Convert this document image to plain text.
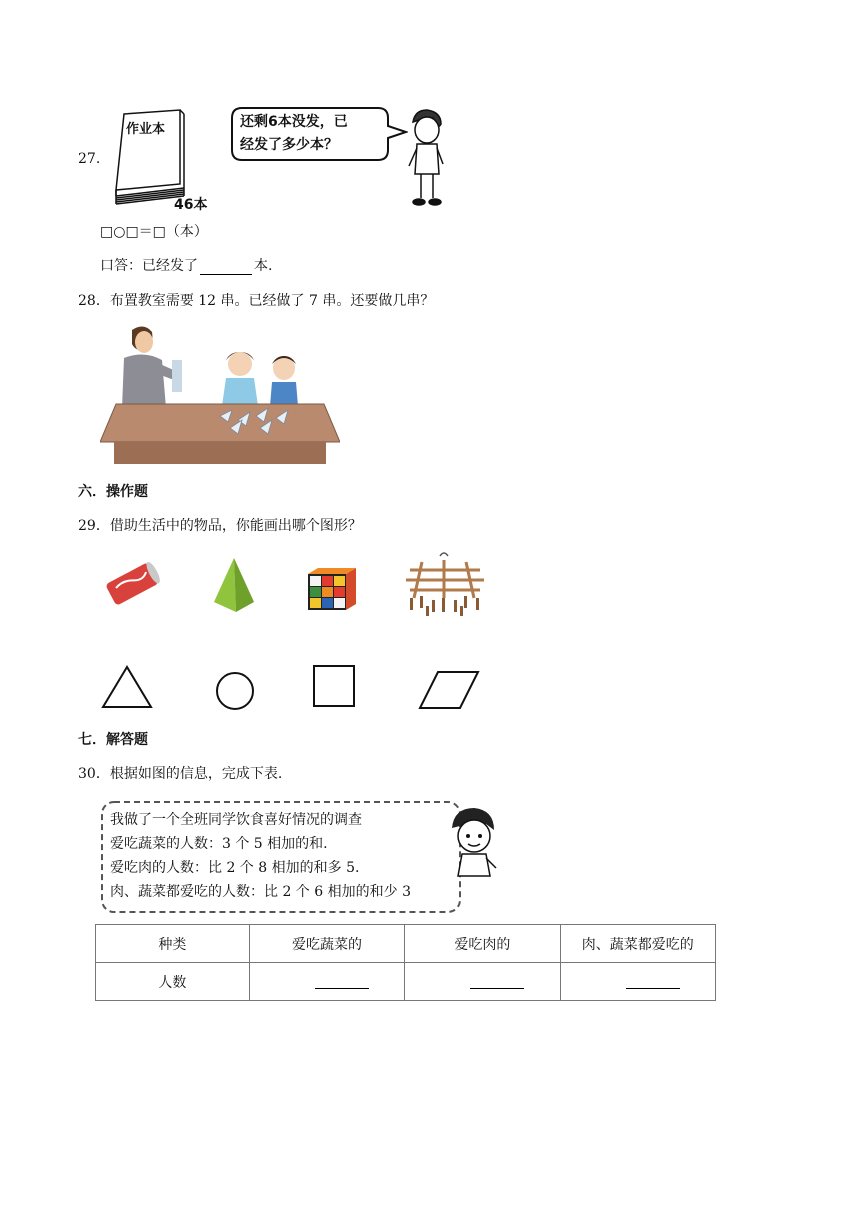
27.
作业本
46本
还剩6本没发，已
经发了多少本？
□○□＝□（本）
口答：已经发了	本.
28．布置教室需要 12 串。已经做了 7 串。还要做几串？
六．操作题
29．借助生活中的物品，你能画出哪个图形？
七．解答题
30．根据如图的信息，完成下表.
我做了一个全班同学饮食喜好情况的调查
爱吃蔬菜的人数：3 个 5 相加的和.
爱吃肉的人数：比 2 个 8 相加的和多 5.
肉、蔬菜都爱吃的人数：比 2 个 6 相加的和少 3
种类	爱吃蔬菜的	爱吃肉的	肉、蔬菜都爱吃的
人数			
